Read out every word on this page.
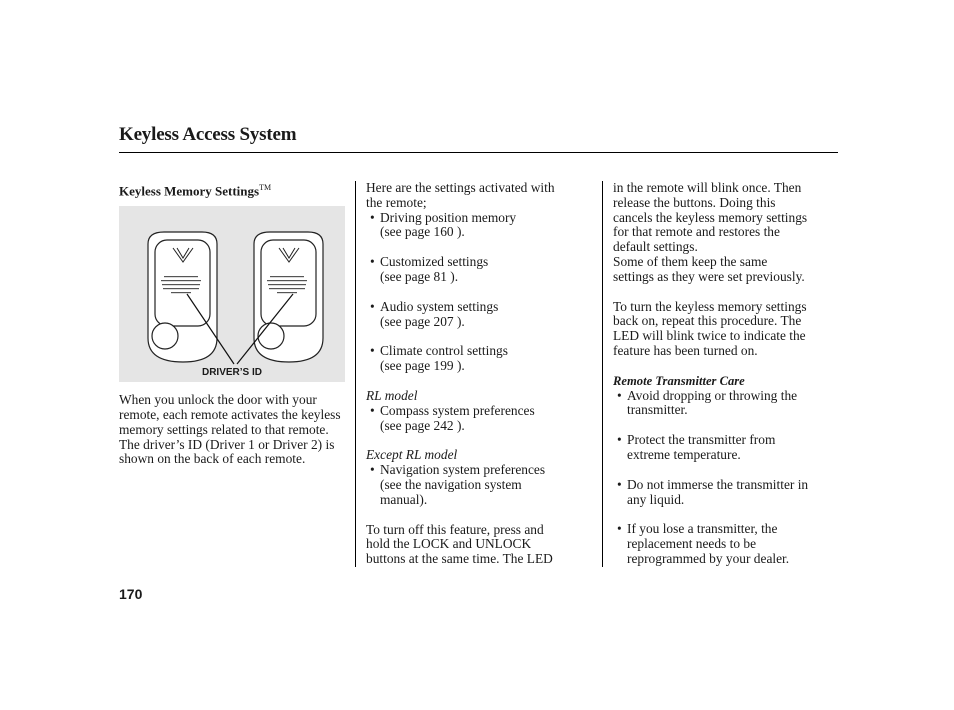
Keyless Access System

Keyless Memory Settings™

DRIVER’S ID

When you unlock the door with your remote, each remote activates the keyless memory settings related to that remote. The driver’s ID (Driver 1 or Driver 2) is shown on the back of each remote.

Here are the settings activated with
the remote;

• Driving position memory
(see page 160 ).

• Customized settings
(see page 81 ).

• Audio system settings
(see page 207 ).

• Climate control settings
(see page 199 ).

RL model

• Compass system preferences
(see page 242 ).

Except RL model

• Navigation system preferences
(see the navigation system
manual).

To turn off this feature, press and
hold the LOCK and UNLOCK
buttons at the same time. The LED

in the remote will blink once. Then
release the buttons. Doing this
cancels the keyless memory settings
for that remote and restores the
default settings.

Some of them keep the same
settings as they were set previously.

To turn the keyless memory settings
back on, repeat this procedure. The
LED will blink twice to indicate the
feature has been turned on.

Remote Transmitter Care

• Avoid dropping or throwing the
transmitter.

• Protect the transmitter from
extreme temperature.

• Do not immerse the transmitter in
any liquid.

• If you lose a transmitter, the
replacement needs to be
reprogrammed by your dealer.

170
